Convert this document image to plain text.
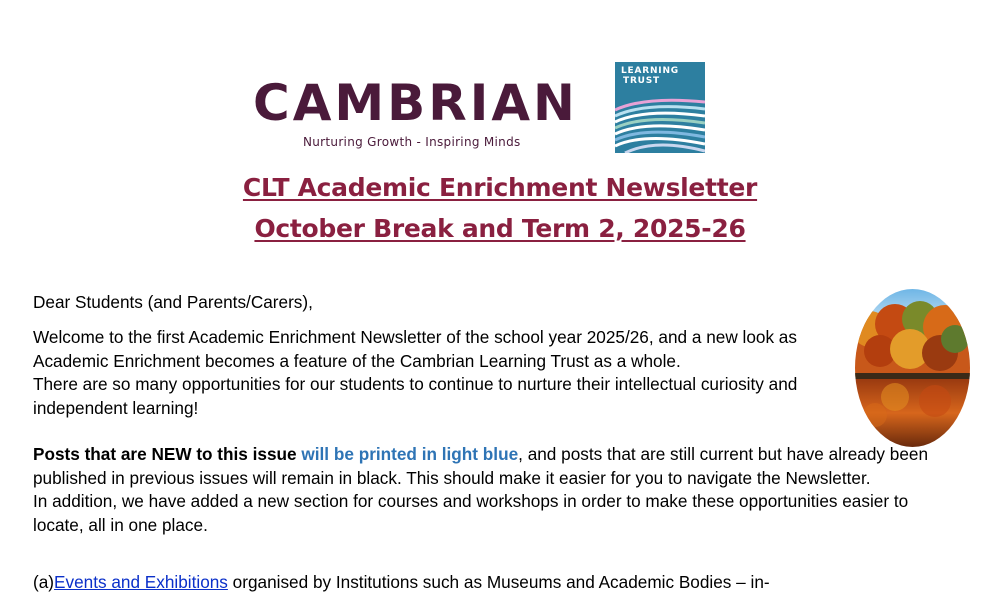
CAMBRIAN
Nurturing Growth - Inspiring Minds
LEARNING
TRUST
CLT Academic Enrichment Newsletter
October Break and Term 2, 2025-26

Dear Students (and Parents/Carers),

Welcome to the first Academic Enrichment Newsletter of the school year 2025/26, and a new look as Academic Enrichment becomes a feature of the Cambrian Learning Trust as a whole.
There are so many opportunities for our students to continue to nurture their intellectual curiosity and independent learning!
Posts that are NEW to this issue will be printed in light blue, and posts that are still current but have already been published in previous issues will remain in black. This should make it easier for you to navigate the Newsletter.
In addition, we have added a new section for courses and workshops in order to make these opportunities easier to locate, all in one place.
(a)Events and Exhibitions organised by Institutions such as Museums and Academic Bodies – in-
